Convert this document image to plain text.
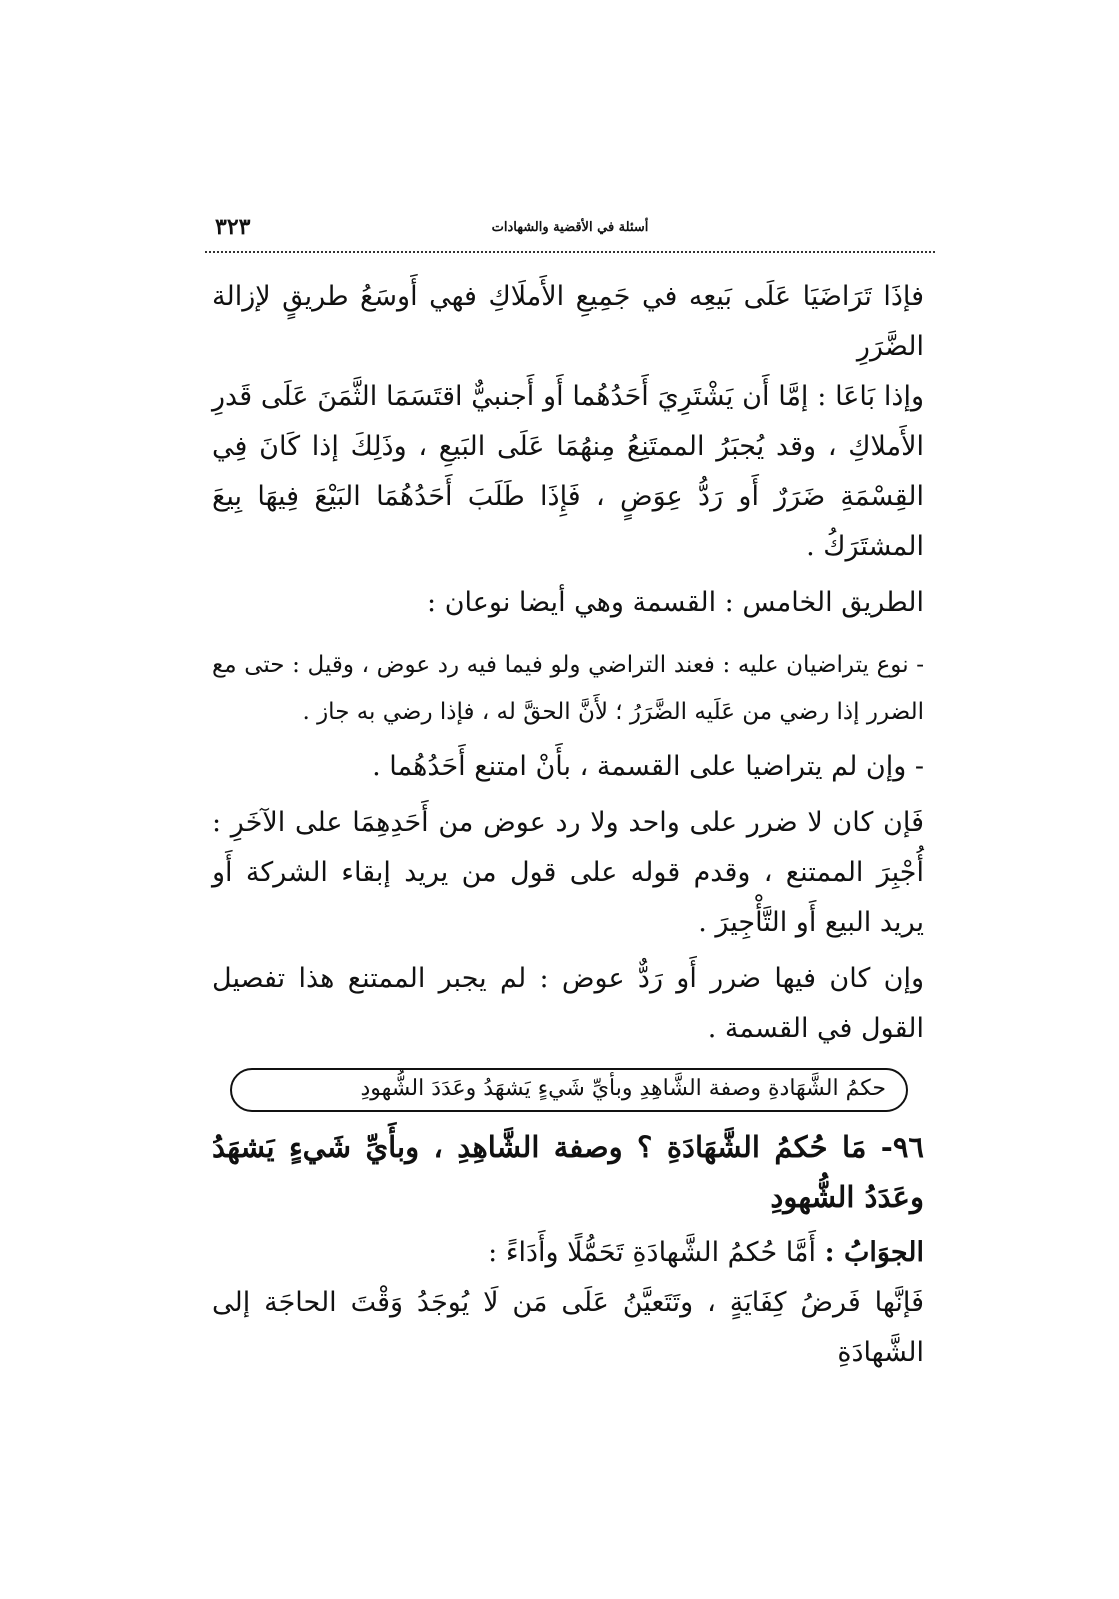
٣٢٣	أسئلة في الأقضية والشهادات

فإذَا تَرَاضَيَا عَلَى بَيعِه في جَمِيعِ الأَملَاكِ فهي أَوسَعُ طريقٍ لإزالة الضَّرَرِ

وإذا بَاعَا : إمَّا أَن يَشْتَرِيَ أَحَدُهُما أَو أَجنبيٌّ اقتَسَمَا الثَّمَنَ عَلَى قَدرِ الأَملاكِ ، وقد يُجبَرُ الممتَنِعُ مِنهُمَا عَلَى البَيعِ ، وذَلِكَ إذا كَانَ فِي القِسْمَةِ ضَرَرٌ أَو رَدُّ عِوَضٍ ، فَإِذَا طَلَبَ أَحَدُهُمَا البَيْعَ فِيهَا بِيعَ المشتَرَكُ .

الطريق الخامس : القسمة وهي أيضا نوعان :

- نوع يتراضيان عليه : فعند التراضي ولو فيما فيه رد عوض ، وقيل : حتى مع الضرر إذا رضي من عَلَيه الضَّرَرُ ؛ لأَنَّ الحقَّ له ، فإذا رضي به جاز .

- وإن لم يتراضيا على القسمة ، بأَنْ امتنع أَحَدُهُما .

فَإن كان لا ضرر على واحد ولا رد عوض من أَحَدِهِمَا على الآخَرِ : أُجْبِرَ الممتنع ، وقدم قوله على قول من يريد إبقاء الشركة أَو يريد البيع أَو التَّأْجِيرَ .

وإن كان فيها ضرر أَو رَدٌّ عوض : لم يجبر الممتنع هذا تفصيل القول في القسمة .

حكمُ الشَّهَادةِ وصفة الشَّاهِدِ وبأيِّ شَيءٍ يَشهَدُ وعَدَدَ الشُّهودِ

٩٦- مَا حُكمُ الشَّهَادَةِ ؟ وصفة الشَّاهِدِ ، وبأَيِّ شَيءٍ يَشهَدُ وعَدَدُ الشُّهودِ

الجوَابُ : أَمَّا حُكمُ الشَّهادَةِ تَحَمُّلًا وأَدَاءً :

فَإنَّها فَرضُ كِفَايَةٍ ، وتَتَعيَّنُ عَلَى مَن لَا يُوجَدُ وَقْتَ الحاجَة إلى الشَّهادَةِ
